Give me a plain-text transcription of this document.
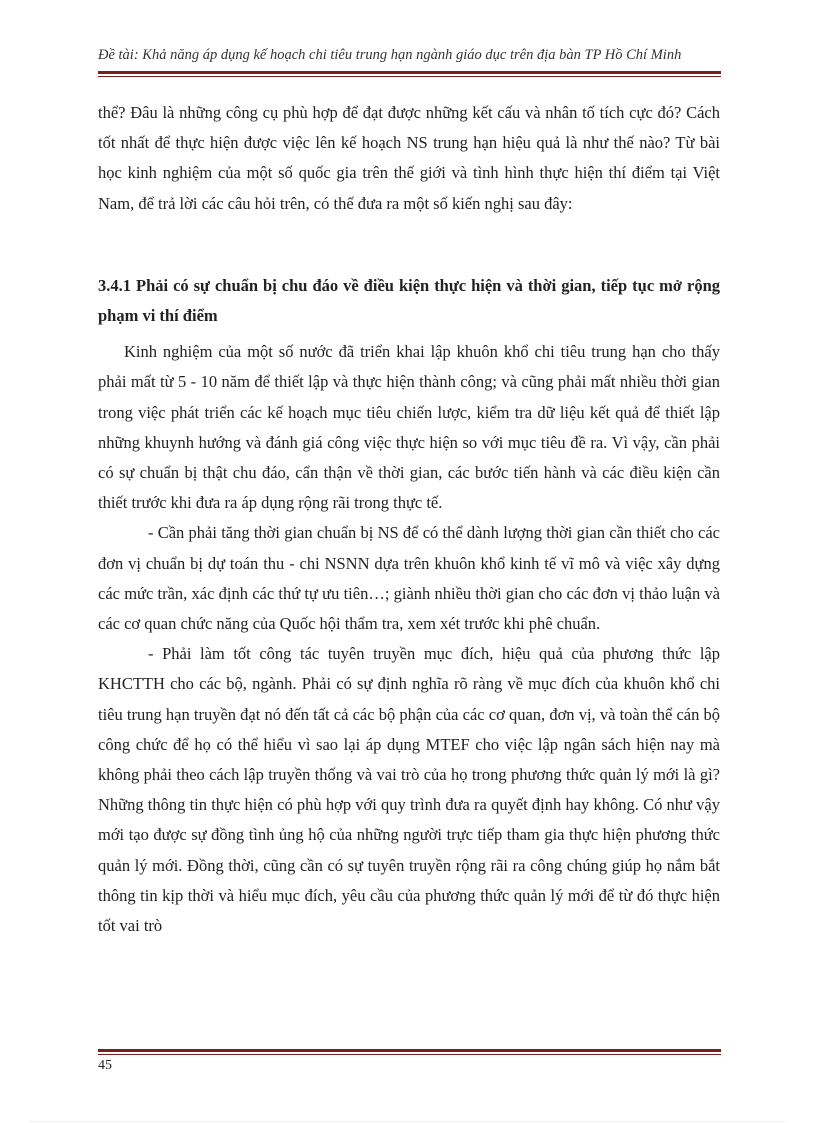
Đề tài: Khả năng áp dụng kế hoạch chi tiêu trung hạn ngành giáo dục trên địa bàn TP Hồ Chí Minh

thể? Đâu là những công cụ phù hợp để đạt được những kết cấu và nhân tố tích cực đó? Cách tốt nhất để thực hiện được việc lên kế hoạch NS trung hạn hiệu quả là như thế nào? Từ bài học kinh nghiệm của một số quốc gia trên thế giới và tình hình thực hiện thí điểm tại Việt Nam, để trả lời các câu hỏi trên, có thể đưa ra một số kiến nghị sau đây:

3.4.1 Phải có sự chuẩn bị chu đáo về điều kiện thực hiện và thời gian, tiếp tục mở rộng phạm vi thí điểm

Kinh nghiệm của một số nước đã triển khai lập khuôn khổ chi tiêu trung hạn cho thấy phải mất từ 5 - 10 năm để thiết lập và thực hiện thành công; và cũng phải mất nhiều thời gian trong việc phát triển các kế hoạch mục tiêu chiến lược, kiểm tra dữ liệu kết quả để thiết lập những khuynh hướng và đánh giá công việc thực hiện so với mục tiêu đề ra. Vì vậy, cần phải có sự chuẩn bị thật chu đáo, cẩn thận về thời gian, các bước tiến hành và các điều kiện cần thiết trước khi đưa ra áp dụng rộng rãi trong thực tế.

- Cần phải tăng thời gian chuẩn bị NS để có thể dành lượng thời gian cần thiết cho các đơn vị chuẩn bị dự toán thu - chi NSNN dựa trên khuôn khổ kinh tế vĩ mô và việc xây dựng các mức trần, xác định các thứ tự ưu tiên…; giành nhiều thời gian cho các đơn vị thảo luận và các cơ quan chức năng của Quốc hội thẩm tra, xem xét trước khi phê chuẩn.

- Phải làm tốt công tác tuyên truyền mục đích, hiệu quả của phương thức lập KHCTTH cho các bộ, ngành. Phải có sự định nghĩa rõ ràng về mục đích của khuôn khổ chi tiêu trung hạn truyền đạt nó đến tất cả các bộ phận của các cơ quan, đơn vị, và toàn thể cán bộ công chức để họ có thể hiểu vì sao lại áp dụng MTEF cho việc lập ngân sách hiện nay mà không phải theo cách lập truyền thống và vai trò của họ trong phương thức quản lý mới là gì? Những thông tin thực hiện có phù hợp với quy trình đưa ra quyết định hay không. Có như vậy mới tạo được sự đồng tình ủng hộ của những người trực tiếp tham gia thực hiện phương thức quản lý mới. Đồng thời, cũng cần có sự tuyên truyền rộng rãi ra công chúng giúp họ nắm bắt thông tin kịp thời và hiểu mục đích, yêu cầu của phương thức quản lý mới để từ đó thực hiện tốt vai trò

45
